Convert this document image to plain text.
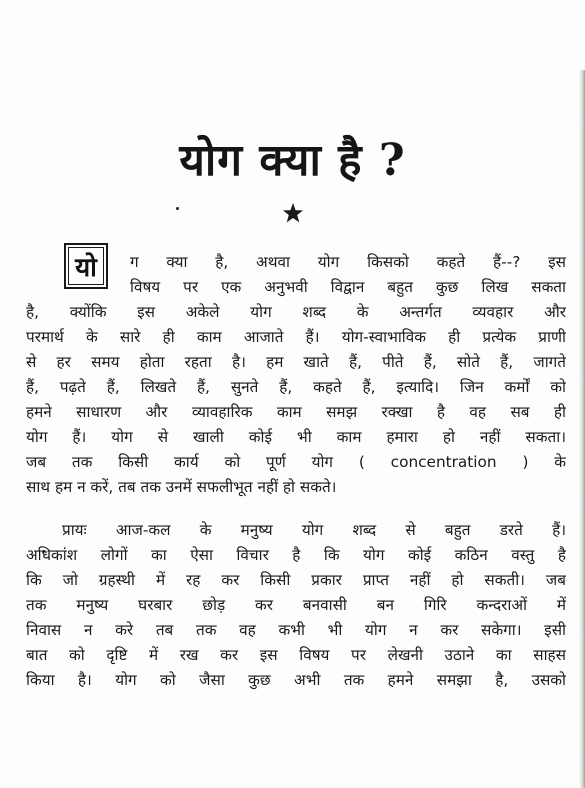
योग क्या है ?
यो	ग क्या है, अथवा योग किसको कहते हैं--? इस
विषय पर एक अनुभवी विद्वान बहुत कुछ लिख सकता
है, क्योंकि इस अकेले योग शब्द के अन्तर्गत व्यवहार और
परमार्थ के सारे ही काम आजाते हैं। योग-स्वाभाविक ही प्रत्येक प्राणी
से हर समय होता रहता है। हम खाते हैं, पीते हैं, सोते हैं, जागते
हैं, पढ़ते हैं, लिखते हैं, सुनते हैं, कहते हैं, इत्यादि। जिन कर्मों को
हमने साधारण और व्यावहारिक काम समझ रक्खा है वह सब ही
योग हैं। योग से खाली कोई भी काम हमारा हो नहीं सकता।
जब तक किसी कार्य को पूर्ण योग ( concentration ) के
साथ हम न करें, तब तक उनमें सफलीभूत नहीं हो सकते।
प्रायः आज-कल के मनुष्य योग शब्द से बहुत डरते हैं।
अधिकांश लोगों का ऐसा विचार है कि योग कोई कठिन वस्तु है
कि जो ग्रहस्थी में रह कर किसी प्रकार प्राप्त नहीं हो सकती। जब
तक मनुष्य घरबार छोड़ कर बनवासी बन गिरि कन्दराओं में
निवास न करे तब तक वह कभी भी योग न कर सकेगा। इसी
बात को दृष्टि में रख कर इस विषय पर लेखनी उठाने का साहस
किया है। योग को जैसा कुछ अभी तक हमने समझा है, उसको
